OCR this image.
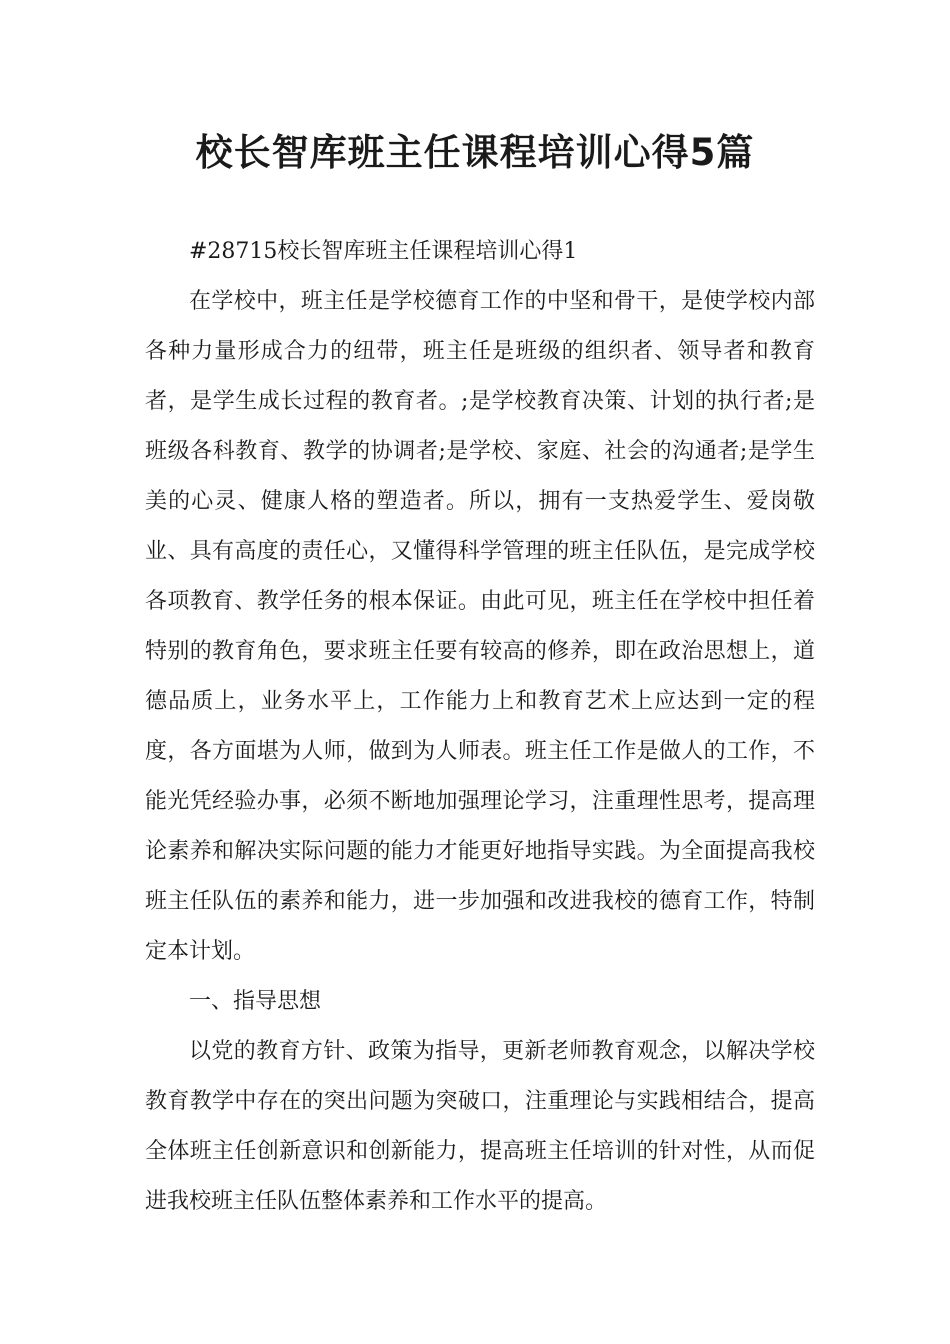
校长智库班主任课程培训心得5篇

#28715校长智库班主任课程培训心得1

在学校中，班主任是学校德育工作的中坚和骨干，是使学校内部各种力量形成合力的纽带，班主任是班级的组织者、领导者和教育者，是学生成长过程的教育者。;是学校教育决策、计划的执行者;是班级各科教育、教学的协调者;是学校、家庭、社会的沟通者;是学生美的心灵、健康人格的塑造者。所以，拥有一支热爱学生、爱岗敬业、具有高度的责任心，又懂得科学管理的班主任队伍，是完成学校各项教育、教学任务的根本保证。由此可见，班主任在学校中担任着特别的教育角色，要求班主任要有较高的修养，即在政治思想上，道德品质上，业务水平上，工作能力上和教育艺术上应达到一定的程度，各方面堪为人师，做到为人师表。班主任工作是做人的工作，不能光凭经验办事，必须不断地加强理论学习，注重理性思考，提高理论素养和解决实际问题的能力才能更好地指导实践。为全面提高我校班主任队伍的素养和能力，进一步加强和改进我校的德育工作，特制定本计划。

一、指导思想

以党的教育方针、政策为指导，更新老师教育观念，以解决学校教育教学中存在的突出问题为突破口，注重理论与实践相结合，提高全体班主任创新意识和创新能力，提高班主任培训的针对性，从而促进我校班主任队伍整体素养和工作水平的提高。
